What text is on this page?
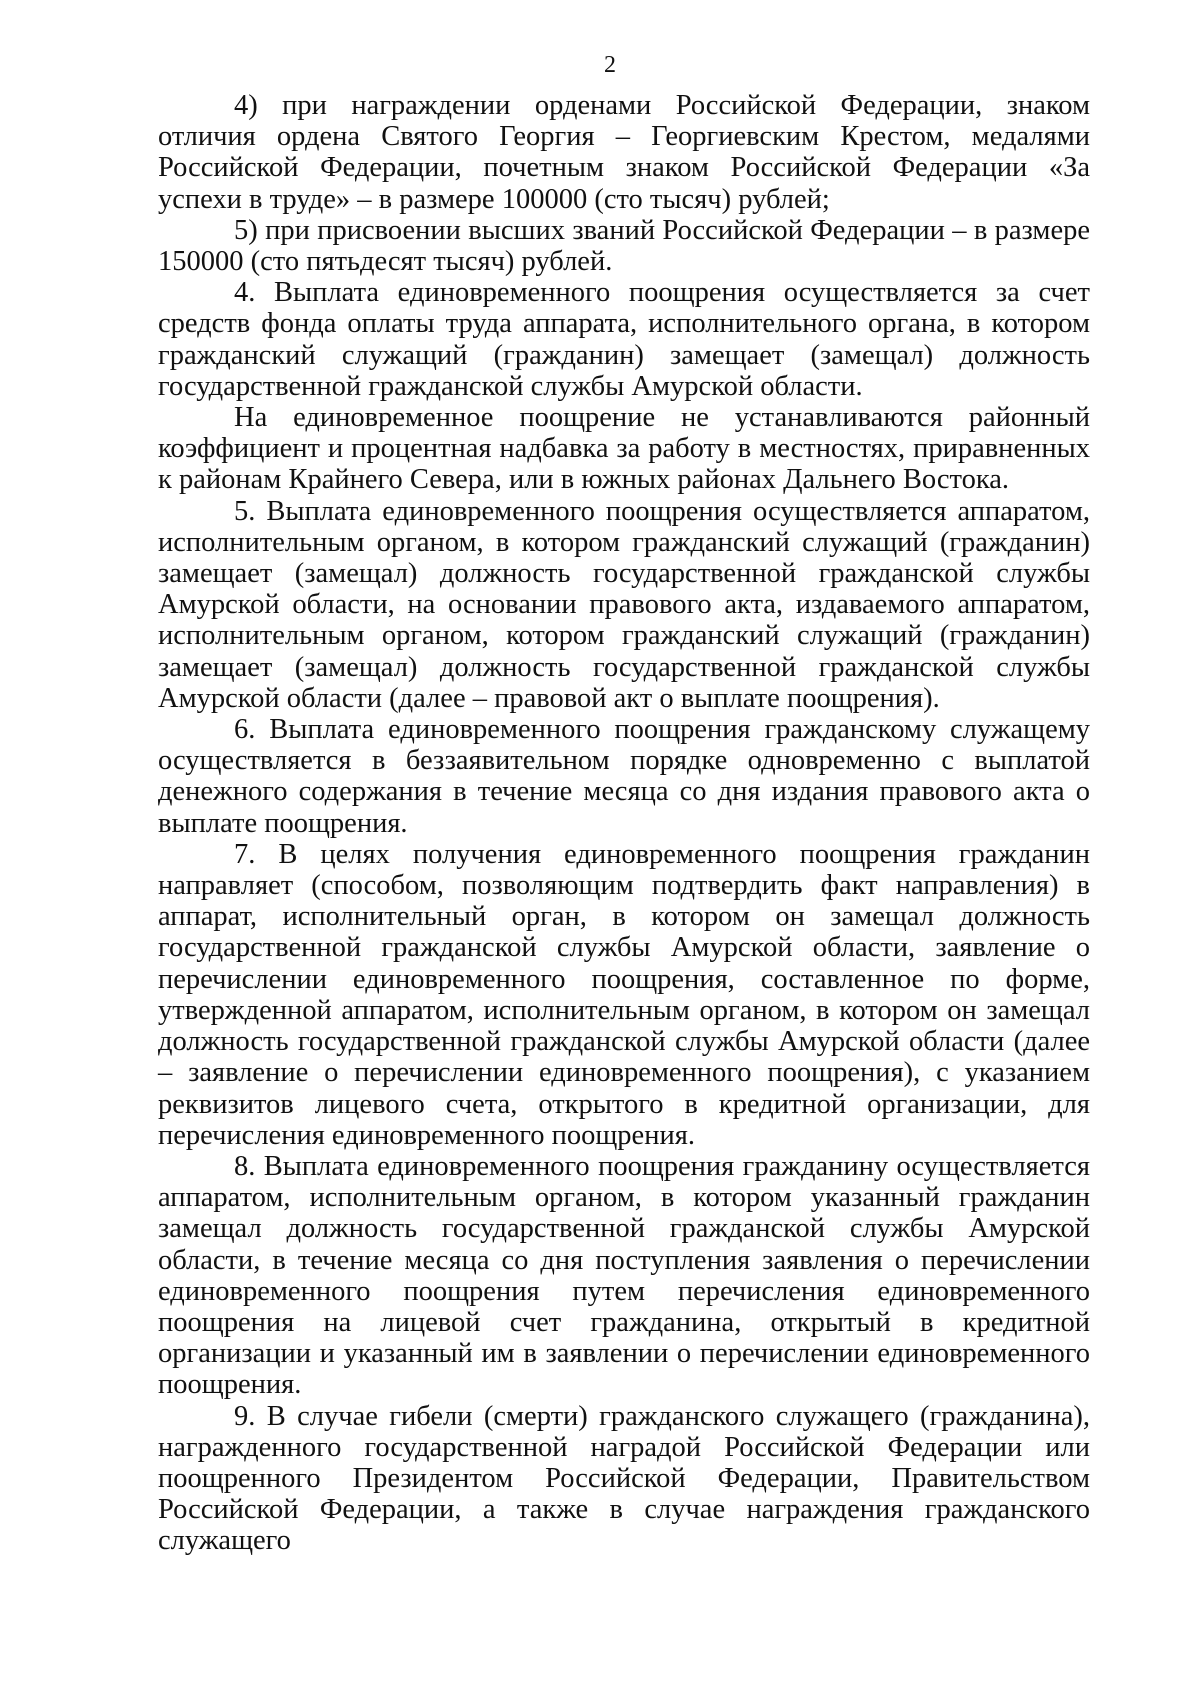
2

4) при награждении орденами Российской Федерации, знаком отличия ордена Святого Георгия – Георгиевским Крестом, медалями Российской Федерации, почетным знаком Российской Федерации «За успехи в труде» – в размере 100000 (сто тысяч) рублей;

5) при присвоении высших званий Российской Федерации – в размере 150000 (сто пятьдесят тысяч) рублей.

4. Выплата единовременного поощрения осуществляется за счет средств фонда оплаты труда аппарата, исполнительного органа, в котором гражданский служащий (гражданин) замещает (замещал) должность государственной гражданской службы Амурской области.

На единовременное поощрение не устанавливаются районный коэффициент и процентная надбавка за работу в местностях, приравненных к районам Крайнего Севера, или в южных районах Дальнего Востока.

5. Выплата единовременного поощрения осуществляется аппаратом, исполнительным органом, в котором гражданский служащий (гражданин) замещает (замещал) должность государственной гражданской службы Амурской области, на основании правового акта, издаваемого аппаратом, исполнительным органом, котором гражданский служащий (гражданин) замещает (замещал) должность государственной гражданской службы Амурской области (далее – правовой акт о выплате поощрения).

6. Выплата единовременного поощрения гражданскому служащему осуществляется в беззаявительном порядке одновременно с выплатой денежного содержания в течение месяца со дня издания правового акта о выплате поощрения.

7. В целях получения единовременного поощрения гражданин направляет (способом, позволяющим подтвердить факт направления) в аппарат, исполнительный орган, в котором он замещал должность государственной гражданской службы Амурской области, заявление о перечислении единовременного поощрения, составленное по форме, утвержденной аппаратом, исполнительным органом, в котором он замещал должность государственной гражданской службы Амурской области (далее – заявление о перечислении единовременного поощрения), с указанием реквизитов лицевого счета, открытого в кредитной организации, для перечисления единовременного поощрения.

8. Выплата единовременного поощрения гражданину осуществляется аппаратом, исполнительным органом, в котором указанный гражданин замещал должность государственной гражданской службы Амурской области, в течение месяца со дня поступления заявления о перечислении единовременного поощрения путем перечисления единовременного поощрения на лицевой счет гражданина, открытый в кредитной организации и указанный им в заявлении о перечислении единовременного поощрения.

9. В случае гибели (смерти) гражданского служащего (гражданина), награжденного государственной наградой Российской Федерации или поощренного Президентом Российской Федерации, Правительством Российской Федерации, а также в случае награждения гражданского служащего
